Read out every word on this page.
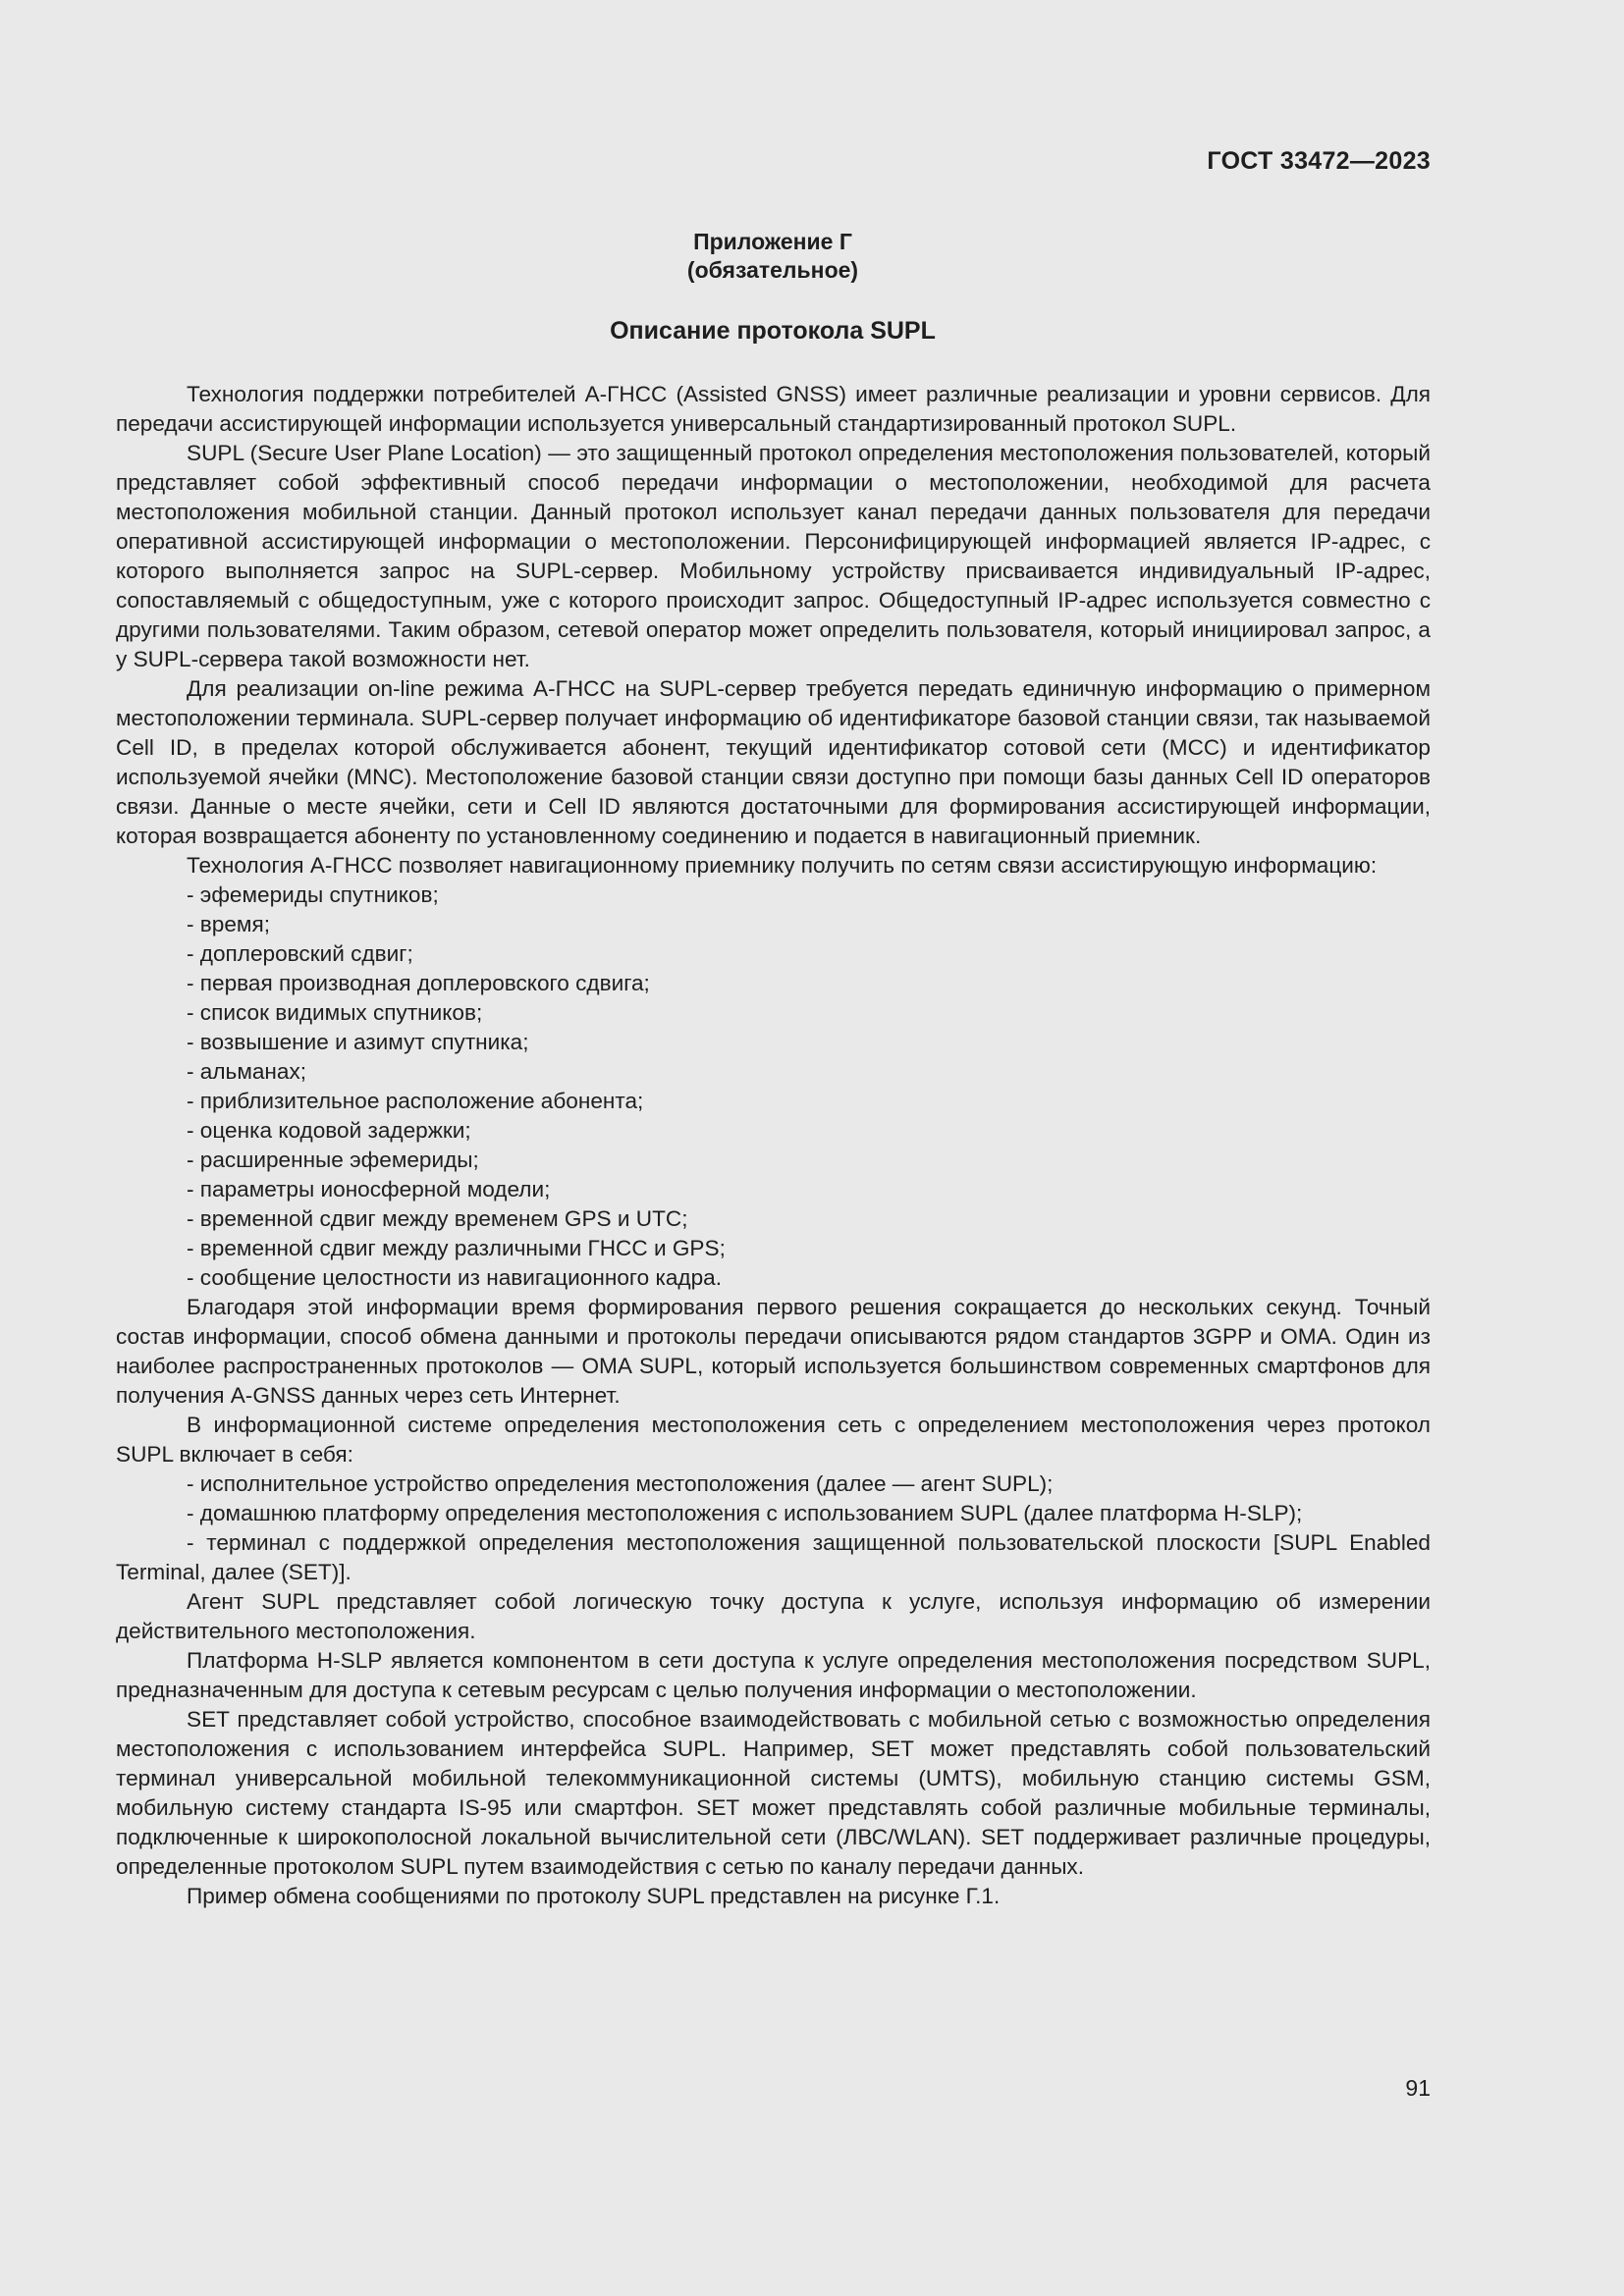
ГОСТ 33472—2023
Приложение Г
(обязательное)
Описание протокола SUPL

Технология поддержки потребителей А-ГНСС (Assisted GNSS) имеет различные реализации и уровни сервисов. Для передачи ассистирующей информации используется универсальный стандартизированный протокол SUPL.

SUPL (Secure User Plane Location) — это защищенный протокол определения местоположения пользователей, который представляет собой эффективный способ передачи информации о местоположении, необходимой для расчета местоположения мобильной станции. Данный протокол использует канал передачи данных пользователя для передачи оперативной ассистирующей информации о местоположении. Персонифицирующей информацией является IP-адрес, с которого выполняется запрос на SUPL-сервер. Мобильному устройству присваивается индивидуальный IP-адрес, сопоставляемый с общедоступным, уже с которого происходит запрос. Общедоступный IP-адрес используется совместно с другими пользователями. Таким образом, сетевой оператор может определить пользователя, который инициировал запрос, а у SUPL-сервера такой возможности нет.

Для реализации on-line режима А-ГНСС на SUPL-сервер требуется передать единичную информацию о примерном местоположении терминала. SUPL-сервер получает информацию об идентификаторе базовой станции связи, так называемой Cell ID, в пределах которой обслуживается абонент, текущий идентификатор сотовой сети (MCC) и идентификатор используемой ячейки (MNC). Местоположение базовой станции связи доступно при помощи базы данных Cell ID операторов связи. Данные о месте ячейки, сети и Cell ID являются достаточными для формирования ассистирующей информации, которая возвращается абоненту по установленному соединению и подается в навигационный приемник.

Технология А-ГНСС позволяет навигационному приемнику получить по сетям связи ассистирующую информацию:

- эфемериды спутников;
- время;
- доплеровский сдвиг;
- первая производная доплеровского сдвига;
- список видимых спутников;
- возвышение и азимут спутника;
- альманах;
- приблизительное расположение абонента;
- оценка кодовой задержки;
- расширенные эфемериды;
- параметры ионосферной модели;
- временной сдвиг между временем GPS и UTC;
- временной сдвиг между различными ГНСС и GPS;
- сообщение целостности из навигационного кадра.

Благодаря этой информации время формирования первого решения сокращается до нескольких секунд. Точный состав информации, способ обмена данными и протоколы передачи описываются рядом стандартов 3GPP и OMA. Один из наиболее распространенных протоколов — OMA SUPL, который используется большинством современных смартфонов для получения A-GNSS данных через сеть Интернет.

В информационной системе определения местоположения сеть с определением местоположения через протокол SUPL включает в себя:

- исполнительное устройство определения местоположения (далее — агент SUPL);
- домашнюю платформу определения местоположения с использованием SUPL (далее платформа H-SLP);

- терминал с поддержкой определения местоположения защищенной пользовательской плоскости [SUPL Enabled Terminal, далее (SET)].

Агент SUPL представляет собой логическую точку доступа к услуге, используя информацию об измерении действительного местоположения.

Платформа H-SLP является компонентом в сети доступа к услуге определения местоположения посредством SUPL, предназначенным для доступа к сетевым ресурсам с целью получения информации о местоположении.

SET представляет собой устройство, способное взаимодействовать с мобильной сетью с возможностью определения местоположения с использованием интерфейса SUPL. Например, SET может представлять собой пользовательский терминал универсальной мобильной телекоммуникационной системы (UMTS), мобильную станцию системы GSM, мобильную систему стандарта IS-95 или смартфон. SET может представлять собой различные мобильные терминалы, подключенные к широкополосной локальной вычислительной сети (ЛВС/WLAN). SET поддерживает различные процедуры, определенные протоколом SUPL путем взаимодействия с сетью по каналу передачи данных.

Пример обмена сообщениями по протоколу SUPL представлен на рисунке Г.1.

91
